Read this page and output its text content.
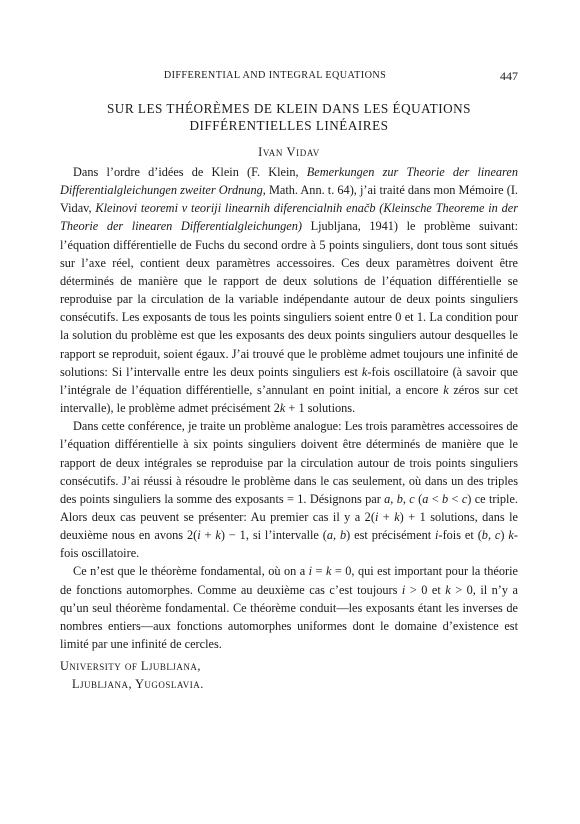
DIFFERENTIAL AND INTEGRAL EQUATIONS	447
SUR LES THÉORÈMES DE KLEIN DANS LES ÉQUATIONS
DIFFÉRENTIELLES LINÉAIRES
Ivan Vidav

Dans l’ordre d’idées de Klein (F. Klein, Bemerkungen zur Theorie der linearen Differentialgleichungen zweiter Ordnung, Math. Ann. t. 64), j’ai traité dans mon Mémoire (I. Vidav, Kleinovi teoremi v teoriji linearnih diferencialnih enačb (Kleinsche Theoreme in der Theorie der linearen Differentialgleichungen) Ljubljana, 1941) le problème suivant: l’équation différentielle de Fuchs du second ordre à 5 points singuliers, dont tous sont situés sur l’axe réel, contient deux paramètres accessoires. Ces deux paramètres doivent être déterminés de manière que le rapport de deux solutions de l’équation différentielle se reproduise par la circulation de la variable indépendante autour de deux points singuliers consécutifs. Les exposants de tous les points singuliers soient entre 0 et 1. La condition pour la solution du problème est que les exposants des deux points singuliers autour desquelles le rapport se reproduit, soient égaux. J’ai trouvé que le problème admet toujours une infinité de solutions: Si l’intervalle entre les deux points singuliers est k-fois oscillatoire (à savoir que l’intégrale de l’équation différentielle, s’annulant en point initial, a encore k zéros sur cet intervalle), le problème admet précisément 2k + 1 solutions.

Dans cette conférence, je traite un problème analogue: Les trois paramètres accessoires de l’équation différentielle à six points singuliers doivent être déterminés de manière que le rapport de deux intégrales se reproduise par la circulation autour de trois points singuliers consécutifs. J’ai réussi à résoudre le problème dans le cas seulement, où dans un des triples des points singuliers la somme des exposants = 1. Désignons par a, b, c (a < b < c) ce triple. Alors deux cas peuvent se présenter: Au premier cas il y a 2(i + k) + 1 solutions, dans le deuxième nous en avons 2(i + k) − 1, si l’intervalle (a, b) est précisément i-fois et (b, c) k-fois oscillatoire.

Ce n’est que le théorème fondamental, où on a i = k = 0, qui est important pour la théorie de fonctions automorphes. Comme au deuxième cas c’est toujours i > 0 et k > 0, il n’y a qu’un seul théorème fondamental. Ce théorème conduit—les exposants étant les inverses de nombres entiers—aux fonctions automorphes uniformes dont le domaine d’existence est limité par une infinité de cercles.

University of Ljubljana,
Ljubljana, Yugoslavia.
